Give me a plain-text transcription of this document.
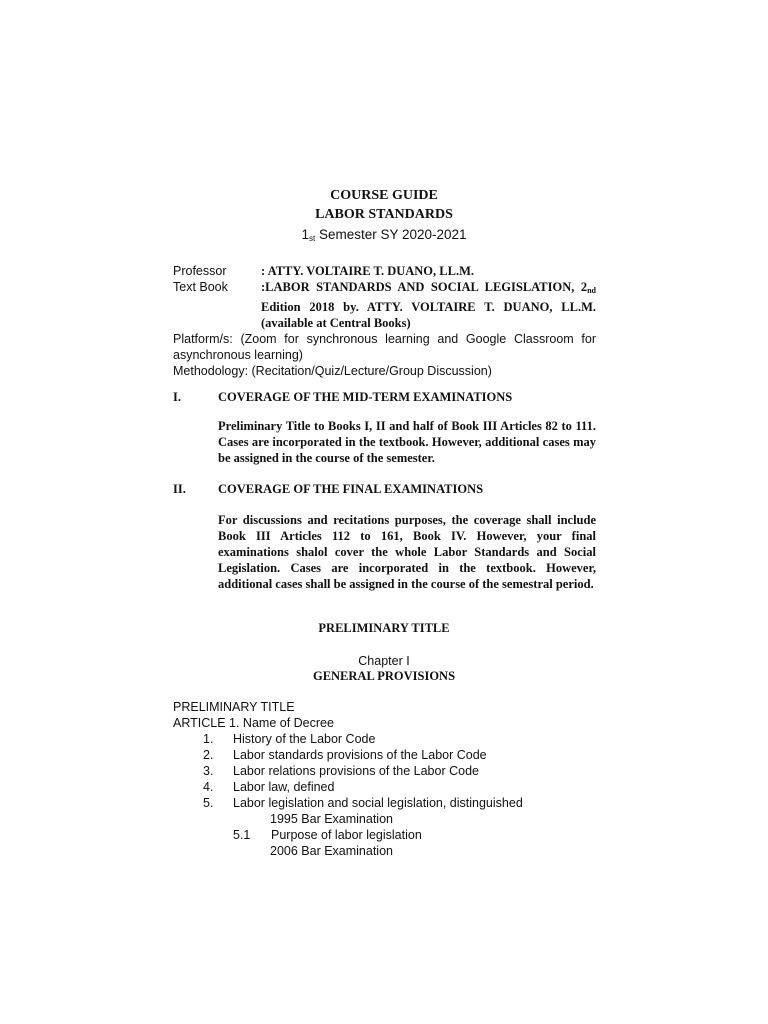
COURSE GUIDE
LABOR STANDARDS
$1_{st}$ Semester SY 2020-2021
Professor	: ATTY. VOLTAIRE T. DUANO, LL.M.
Text Book	:LABOR STANDARDS AND SOCIAL LEGISLATION, $2_{nd}$ Edition 2018 by. ATTY. VOLTAIRE T. DUANO, LL.M. (available at Central Books)
Platform/s: (Zoom for synchronous learning and Google Classroom for asynchronous learning)
Methodology: (Recitation/Quiz/Lecture/Group Discussion)
I.	COVERAGE OF THE MID-TERM EXAMINATIONS
Preliminary Title to Books I, II and half of Book III Articles 82 to 111. Cases are incorporated in the textbook. However, additional cases may be assigned in the course of the semester.
II.	COVERAGE OF THE FINAL EXAMINATIONS
For discussions and recitations purposes, the coverage shall include Book III Articles 112 to 161, Book IV. However, your final examinations shalol cover the whole Labor Standards and Social Legislation. Cases are incorporated in the textbook. However, additional cases shall be assigned in the course of the semestral period.
PRELIMINARY TITLE
Chapter I
GENERAL PROVISIONS
PRELIMINARY TITLE
ARTICLE 1. Name of Decree
1.	History of the Labor Code
2.	Labor standards provisions of the Labor Code
3.	Labor relations provisions of the Labor Code
4.	Labor law, defined
5.	Labor legislation and social legislation, distinguished
1995 Bar Examination
5.1	Purpose of labor legislation
2006 Bar Examination
